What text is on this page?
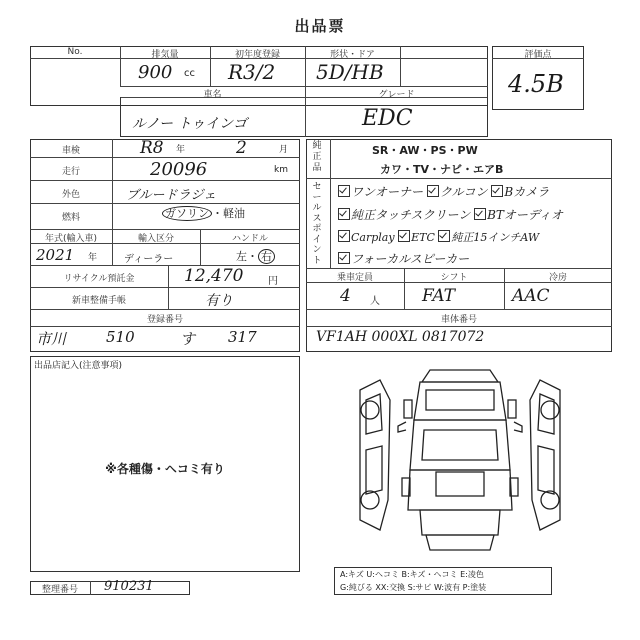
出品票
No.	排気量	初年度登録	形状・ドア
900 cc R3/2 5D/HB
車名	グレード
ルノー トゥインゴ	EDC
評価点
4.5B
車検	R8 年	2	月
走行	20096	km
外色	ブルードラジェ
燃料	ガソリン ・軽油
年式(輸入車)	輸入区分	ハンドル
2021 年	ディーラー	左・ 右
リサイクル預託金	12,470 円
新車整備手帳	有り
登録番号
市川	510	す 317
純正品
SR・AW・PS・PW
カワ・TV・ナビ・エアB
セールスポイント
ワンオーナー クルコン Bカメラ
純正タッチスクリーン BTオーディオ
Carplay ETC 純正15インチAW
フォーカルスピーカー
乗車定員	シフト	冷房
4 人 FAT	AAC
車体番号
VF1AH 000XL 0817072
出品店記入(注意事項)
※各種傷・ヘコミ有り
A:キズ U:ヘコミ B:キズ・ヘコミ E:凌色
G:純びる XX:交換 S:サビ W:波有 P:塗装
整理番号	910231
